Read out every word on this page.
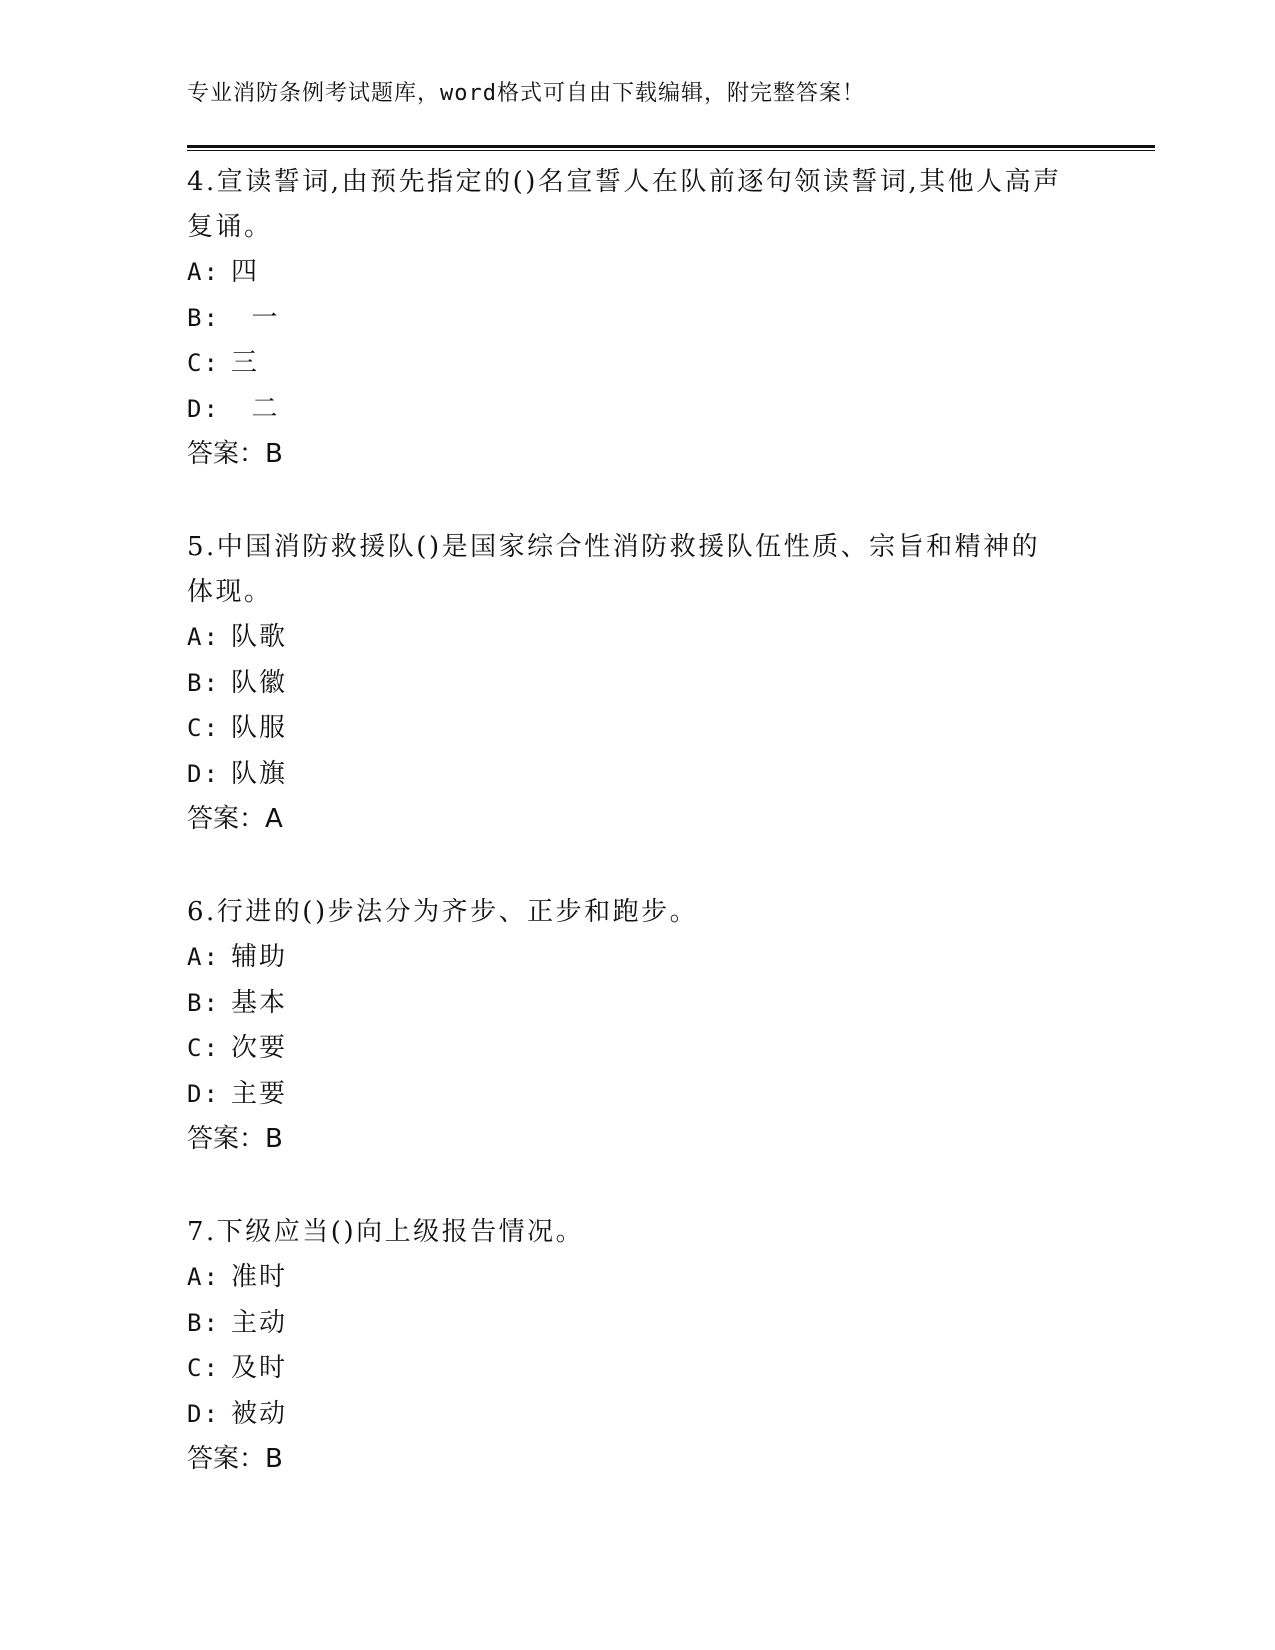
专业消防条例考试题库，word格式可自由下载编辑，附完整答案！

4.宣读誓词,由预先指定的()名宣誓人在队前逐句领读誓词,其他人高声复诵。

A: 四

B:  一

C: 三

D:  二

答案：B

5.中国消防救援队()是国家综合性消防救援队伍性质、宗旨和精神的体现。

A: 队歌

B: 队徽

C: 队服

D: 队旗

答案：A

6.行进的()步法分为齐步、正步和跑步。

A: 辅助

B: 基本

C: 次要

D: 主要

答案：B

7.下级应当()向上级报告情况。

A: 准时

B: 主动

C: 及时

D: 被动

答案：B
